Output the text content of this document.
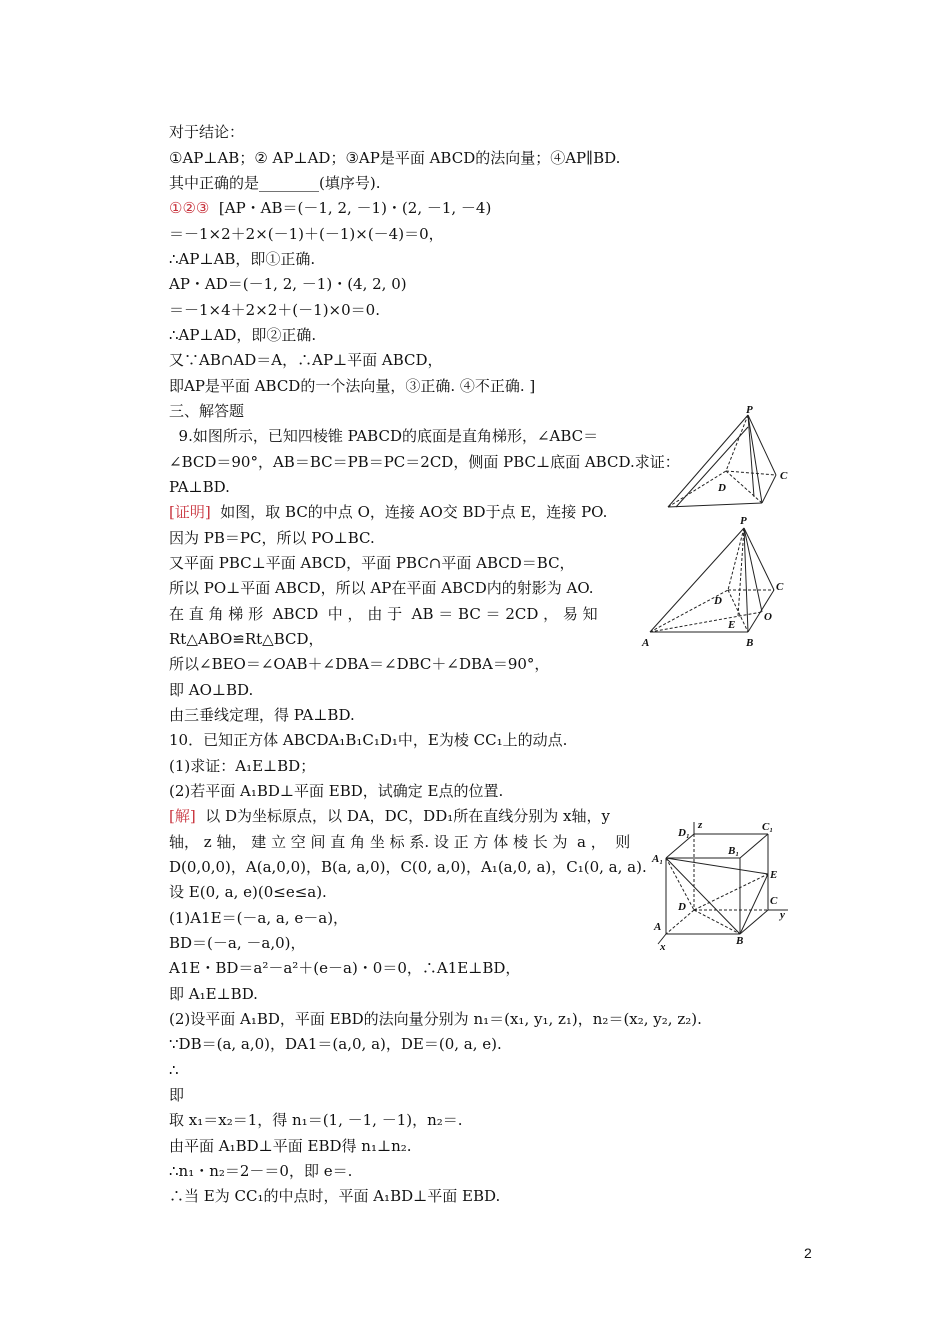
对于结论：
①AP⊥AB；② AP⊥AD；③AP是平面 ABCD的法向量；④AP∥BD.
其中正确的是________(填序号).
①②③  [AP・AB＝(－1, 2, －1)・(2, －1, －4)
＝－1×2＋2×(－1)＋(－1)×(－4)＝0，
∴AP⊥AB，即①正确.
AP・AD＝(－1, 2, －1)・(4, 2, 0)
＝－1×4＋2×2＋(－1)×0＝0.
∴AP⊥AD，即②正确.
又∵AB∩AD＝A，∴AP⊥平面 ABCD，
即AP是平面 ABCD的一个法向量，③正确. ④不正确. ]
三、解答题
9.如图所示，已知四棱锥 PABCD的底面是直角梯形，∠ABC＝
∠BCD＝90°，AB＝BC＝PB＝PC＝2CD，侧面 PBC⊥底面 ABCD.求证：
PA⊥BD.
[证明]  如图，取 BC的中点 O，连接 AO交 BD于点 E，连接 PO.
因为 PB＝PC，所以 PO⊥BC.
又平面 PBC⊥平面 ABCD，平面 PBC∩平面 ABCD＝BC，
所以 PO⊥平面 ABCD，所以 AP在平面 ABCD内的射影为 AO.
在 直 角 梯 形  ABCD  中 ， 由 于  AB ＝ BC ＝ 2CD ， 易 知
Rt△ABO≌Rt△BCD，
所以∠BEO＝∠OAB＋∠DBA＝∠DBC＋∠DBA＝90°，
即 AO⊥BD.
由三垂线定理，得 PA⊥BD.
10．已知正方体 ABCDA₁B₁C₁D₁中，E为棱 CC₁上的动点.
(1)求证：A₁E⊥BD；
(2)若平面 A₁BD⊥平面 EBD，试确定 E点的位置.
[解]  以 D为坐标原点，以 DA，DC，DD₁所在直线分别为 x轴，y
轴， z 轴， 建 立 空 间 直 角 坐 标 系. 设 正 方 体 棱 长 为  a ，  则
D(0,0,0)，A(a,0,0)，B(a, a,0)，C(0, a,0)，A₁(a,0, a)，C₁(0, a, a).
设 E(0, a, e)(0≤e≤a).
(1)A1E＝(－a, a, e－a)，
BD＝(－a, －a,0)，
A1E・BD＝a²－a²＋(e－a)・0＝0，∴A1E⊥BD，
即 A₁E⊥BD.
(2)设平面 A₁BD，平面 EBD的法向量分别为 n₁＝(x₁, y₁, z₁)，n₂＝(x₂, y₂, z₂).
∵DB＝(a, a,0)，DA1＝(a,0, a)，DE＝(0, a, e).
∴
即
取 x₁＝x₂＝1，得 n₁＝(1, －1, －1)，n₂＝.
由平面 A₁BD⊥平面 EBD得 n₁⊥n₂.
∴n₁・n₂＝2－＝0，即 e＝.
∴当 E为 CC₁的中点时，平面 A₁BD⊥平面 EBD.
P
C
D
P
C
D
O
E
A	B
z
D₁	C₁
A₁
B₁
E
D	C
y
A
B
x
2
